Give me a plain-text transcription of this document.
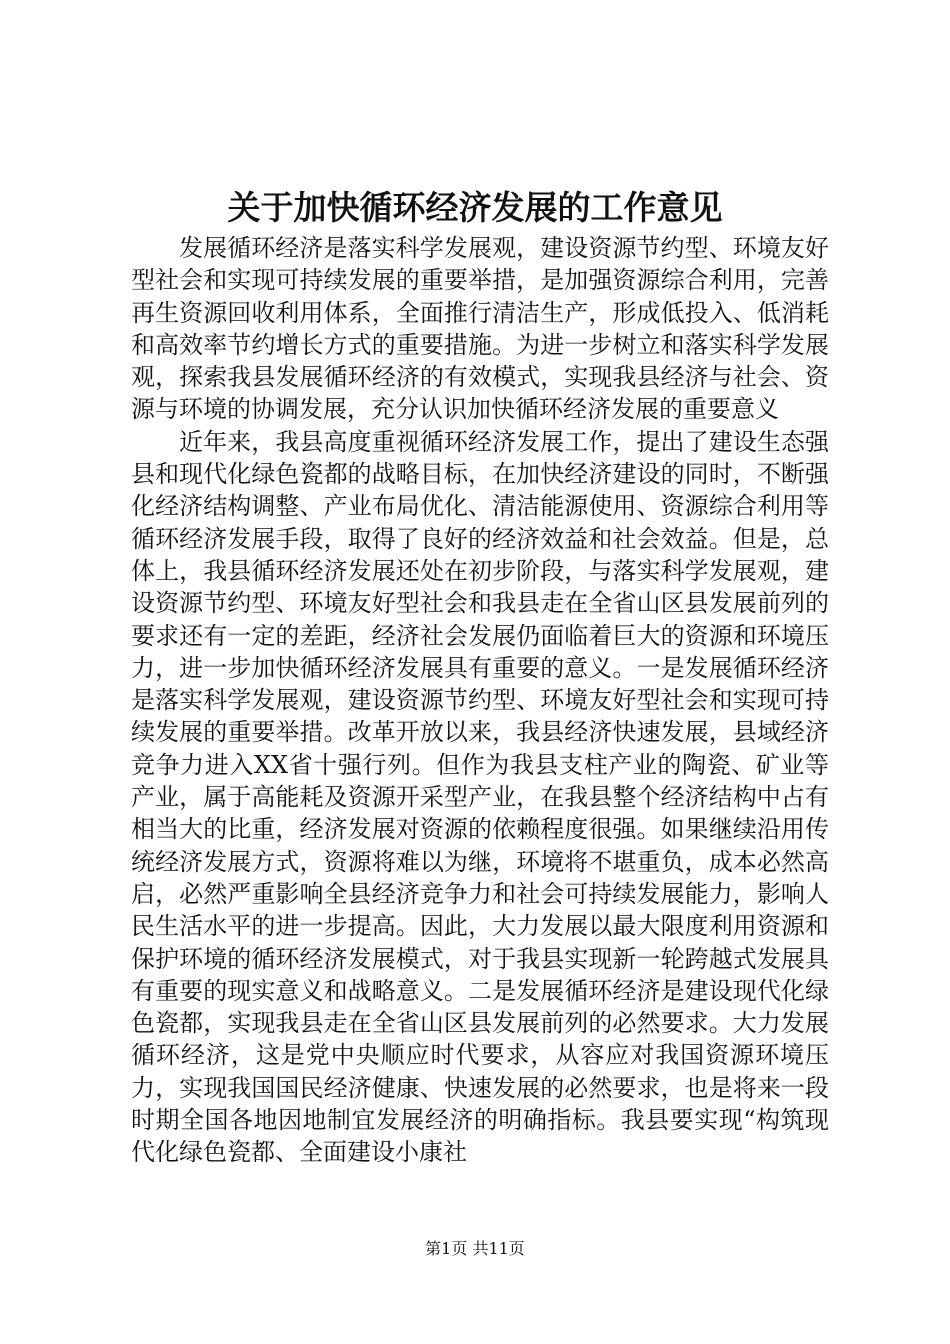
关于加快循环经济发展的工作意见

发展循环经济是落实科学发展观，建设资源节约型、环境友好型社会和实现可持续发展的重要举措，是加强资源综合利用，完善再生资源回收利用体系，全面推行清洁生产，形成低投入、低消耗和高效率节约增长方式的重要措施。为进一步树立和落实科学发展观，探索我县发展循环经济的有效模式，实现我县经济与社会、资源与环境的协调发展，充分认识加快循环经济发展的重要意义

近年来，我县高度重视循环经济发展工作，提出了建设生态强县和现代化绿色瓷都的战略目标，在加快经济建设的同时，不断强化经济结构调整、产业布局优化、清洁能源使用、资源综合利用等循环经济发展手段，取得了良好的经济效益和社会效益。但是，总体上，我县循环经济发展还处在初步阶段，与落实科学发展观，建设资源节约型、环境友好型社会和我县走在全省山区县发展前列的要求还有一定的差距，经济社会发展仍面临着巨大的资源和环境压力，进一步加快循环经济发展具有重要的意义。一是发展循环经济是落实科学发展观，建设资源节约型、环境友好型社会和实现可持续发展的重要举措。改革开放以来，我县经济快速发展，县域经济竞争力进入XX省十强行列。但作为我县支柱产业的陶瓷、矿业等产业，属于高能耗及资源开采型产业，在我县整个经济结构中占有相当大的比重，经济发展对资源的依赖程度很强。如果继续沿用传统经济发展方式，资源将难以为继，环境将不堪重负，成本必然高启，必然严重影响全县经济竞争力和社会可持续发展能力，影响人民生活水平的进一步提高。因此，大力发展以最大限度利用资源和保护环境的循环经济发展模式，对于我县实现新一轮跨越式发展具有重要的现实意义和战略意义。二是发展循环经济是建设现代化绿色瓷都，实现我县走在全省山区县发展前列的必然要求。大力发展循环经济，这是党中央顺应时代要求，从容应对我国资源环境压力，实现我国国民经济健康、快速发展的必然要求，也是将来一段时期全国各地因地制宜发展经济的明确指标。我县要实现“构筑现代化绿色瓷都、全面建设小康社

第1页 共11页
